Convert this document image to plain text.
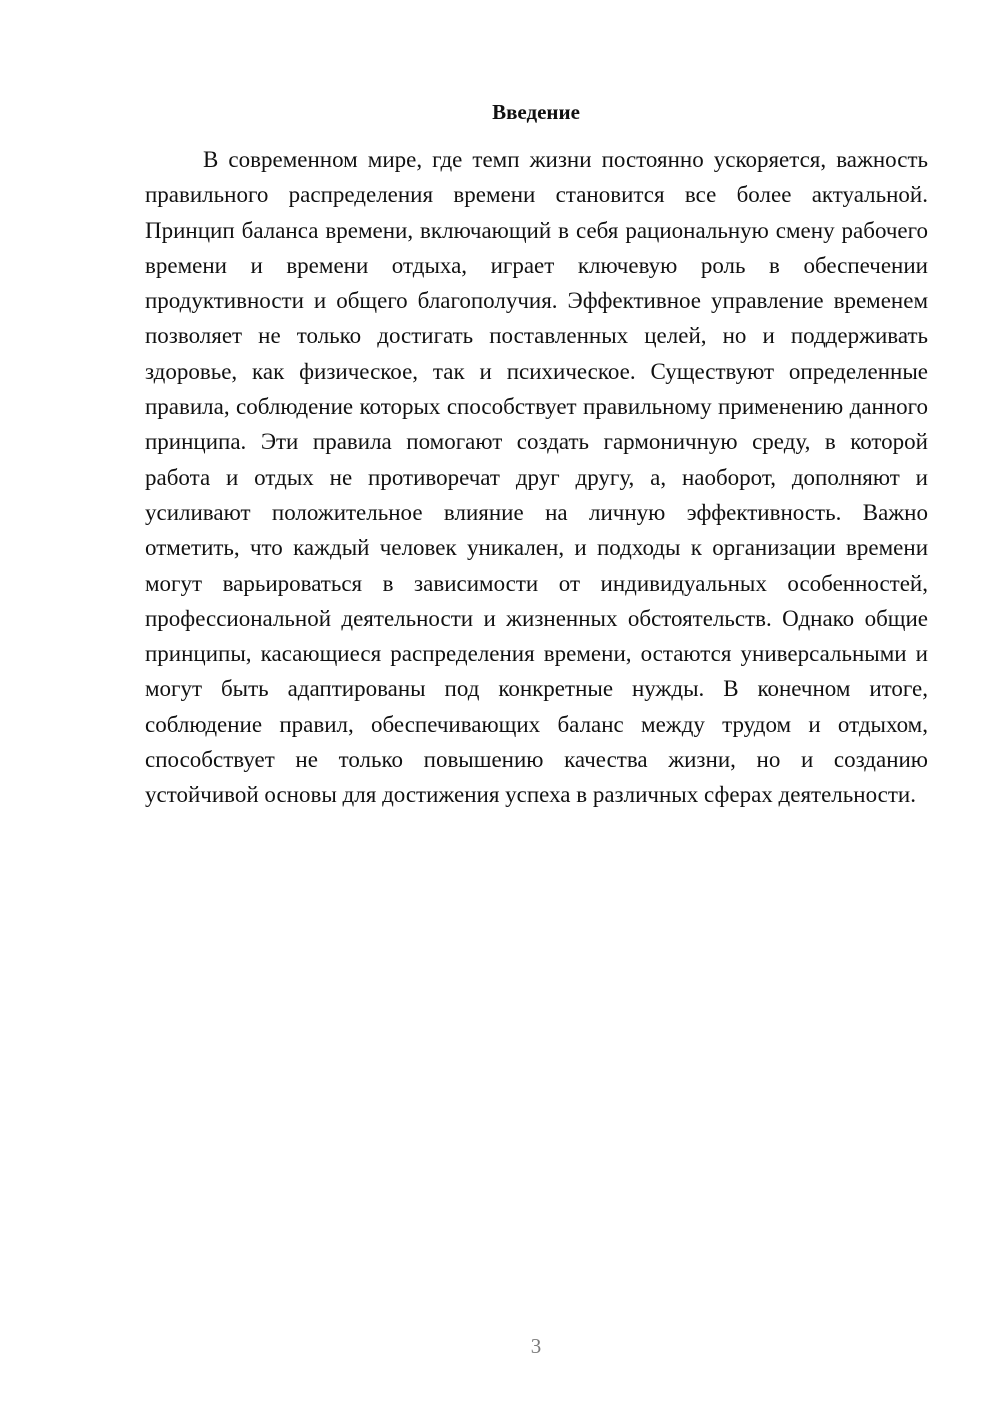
Введение

В современном мире, где темп жизни постоянно ускоряется, важность правильного распределения времени становится все более актуальной. Принцип баланса времени, включающий в себя рациональную смену рабочего времени и времени отдыха, играет ключевую роль в обеспечении продуктивности и общего благополучия. Эффективное управление временем позволяет не только достигать поставленных целей, но и поддерживать здоровье, как физическое, так и психическое. Существуют определенные правила, соблюдение которых способствует правильному применению данного принципа. Эти правила помогают создать гармоничную среду, в которой работа и отдых не противоречат друг другу, а, наоборот, дополняют и усиливают положительное влияние на личную эффективность. Важно отметить, что каждый человек уникален, и подходы к организации времени могут варьироваться в зависимости от индивидуальных особенностей, профессиональной деятельности и жизненных обстоятельств. Однако общие принципы, касающиеся распределения времени, остаются универсальными и могут быть адаптированы под конкретные нужды. В конечном итоге, соблюдение правил, обеспечивающих баланс между трудом и отдыхом, способствует не только повышению качества жизни, но и созданию устойчивой основы для достижения успеха в различных сферах деятельности.

3
